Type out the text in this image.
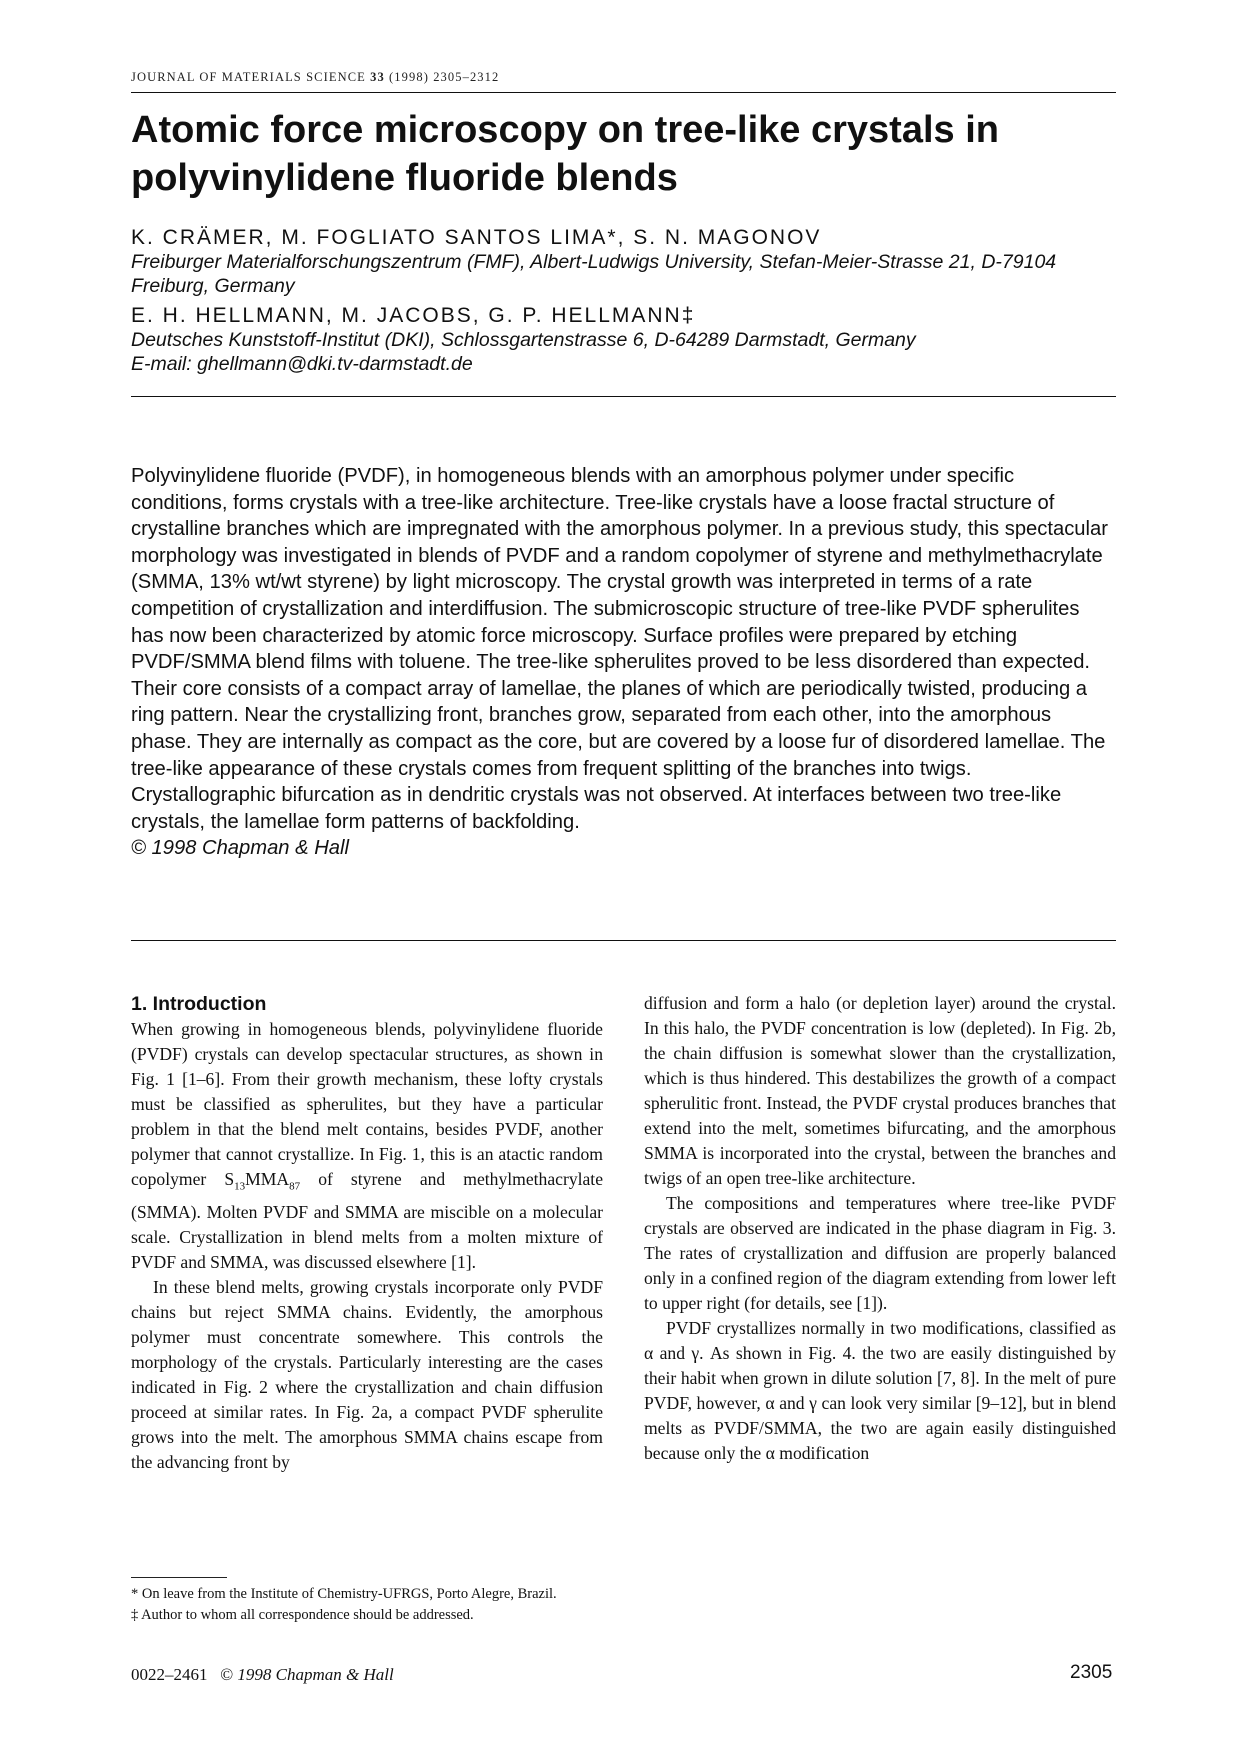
JOURNAL OF MATERIALS SCIENCE 33 (1998) 2305–2312
Atomic force microscopy on tree-like crystals in polyvinylidene fluoride blends
K. CRÄMER, M. FOGLIATO SANTOS LIMA*, S. N. MAGONOV
Freiburger Materialforschungszentrum (FMF), Albert-Ludwigs University, Stefan-Meier-Strasse 21, D-79104 Freiburg, Germany
E. H. HELLMANN, M. JACOBS, G. P. HELLMANN‡
Deutsches Kunststoff-Institut (DKI), Schlossgartenstrasse 6, D-64289 Darmstadt, Germany
E-mail: ghellmann@dki.tv-darmstadt.de
Polyvinylidene fluoride (PVDF), in homogeneous blends with an amorphous polymer under specific conditions, forms crystals with a tree-like architecture. Tree-like crystals have a loose fractal structure of crystalline branches which are impregnated with the amorphous polymer. In a previous study, this spectacular morphology was investigated in blends of PVDF and a random copolymer of styrene and methylmethacrylate (SMMA, 13% wt/wt styrene) by light microscopy. The crystal growth was interpreted in terms of a rate competition of crystallization and interdiffusion. The submicroscopic structure of tree-like PVDF spherulites has now been characterized by atomic force microscopy. Surface profiles were prepared by etching PVDF/SMMA blend films with toluene. The tree-like spherulites proved to be less disordered than expected. Their core consists of a compact array of lamellae, the planes of which are periodically twisted, producing a ring pattern. Near the crystallizing front, branches grow, separated from each other, into the amorphous phase. They are internally as compact as the core, but are covered by a loose fur of disordered lamellae. The tree-like appearance of these crystals comes from frequent splitting of the branches into twigs. Crystallographic bifurcation as in dendritic crystals was not observed. At interfaces between two tree-like crystals, the lamellae form patterns of backfolding.
© 1998 Chapman & Hall

1. Introduction

When growing in homogeneous blends, polyvinylidene fluoride (PVDF) crystals can develop spectacular structures, as shown in Fig. 1 [1–6]. From their growth mechanism, these lofty crystals must be classified as spherulites, but they have a particular problem in that the blend melt contains, besides PVDF, another polymer that cannot crystallize. In Fig. 1, this is an atactic random copolymer $S_{13}MMA_{87}$ of styrene and methylmethacrylate (SMMA). Molten PVDF and SMMA are miscible on a molecular scale. Crystallization in blend melts from a molten mixture of PVDF and SMMA, was discussed elsewhere [1].

In these blend melts, growing crystals incorporate only PVDF chains but reject SMMA chains. Evidently, the amorphous polymer must concentrate somewhere. This controls the morphology of the crystals. Particularly interesting are the cases indicated in Fig. 2 where the crystallization and chain diffusion proceed at similar rates. In Fig. 2a, a compact PVDF spherulite grows into the melt. The amorphous SMMA chains escape from the advancing front by

diffusion and form a halo (or depletion layer) around the crystal. In this halo, the PVDF concentration is low (depleted). In Fig. 2b, the chain diffusion is somewhat slower than the crystallization, which is thus hindered. This destabilizes the growth of a compact spherulitic front. Instead, the PVDF crystal produces branches that extend into the melt, sometimes bifurcating, and the amorphous SMMA is incorporated into the crystal, between the branches and twigs of an open tree-like architecture.

The compositions and temperatures where tree-like PVDF crystals are observed are indicated in the phase diagram in Fig. 3. The rates of crystallization and diffusion are properly balanced only in a confined region of the diagram extending from lower left to upper right (for details, see [1]).

PVDF crystallizes normally in two modifications, classified as α and γ. As shown in Fig. 4. the two are easily distinguished by their habit when grown in dilute solution [7, 8]. In the melt of pure PVDF, however, α and γ can look very similar [9–12], but in blend melts as PVDF/SMMA, the two are again easily distinguished because only the α modification

* On leave from the Institute of Chemistry-UFRGS, Porto Alegre, Brazil.
‡ Author to whom all correspondence should be addressed.
0022–2461 © 1998 Chapman & Hall	2305
